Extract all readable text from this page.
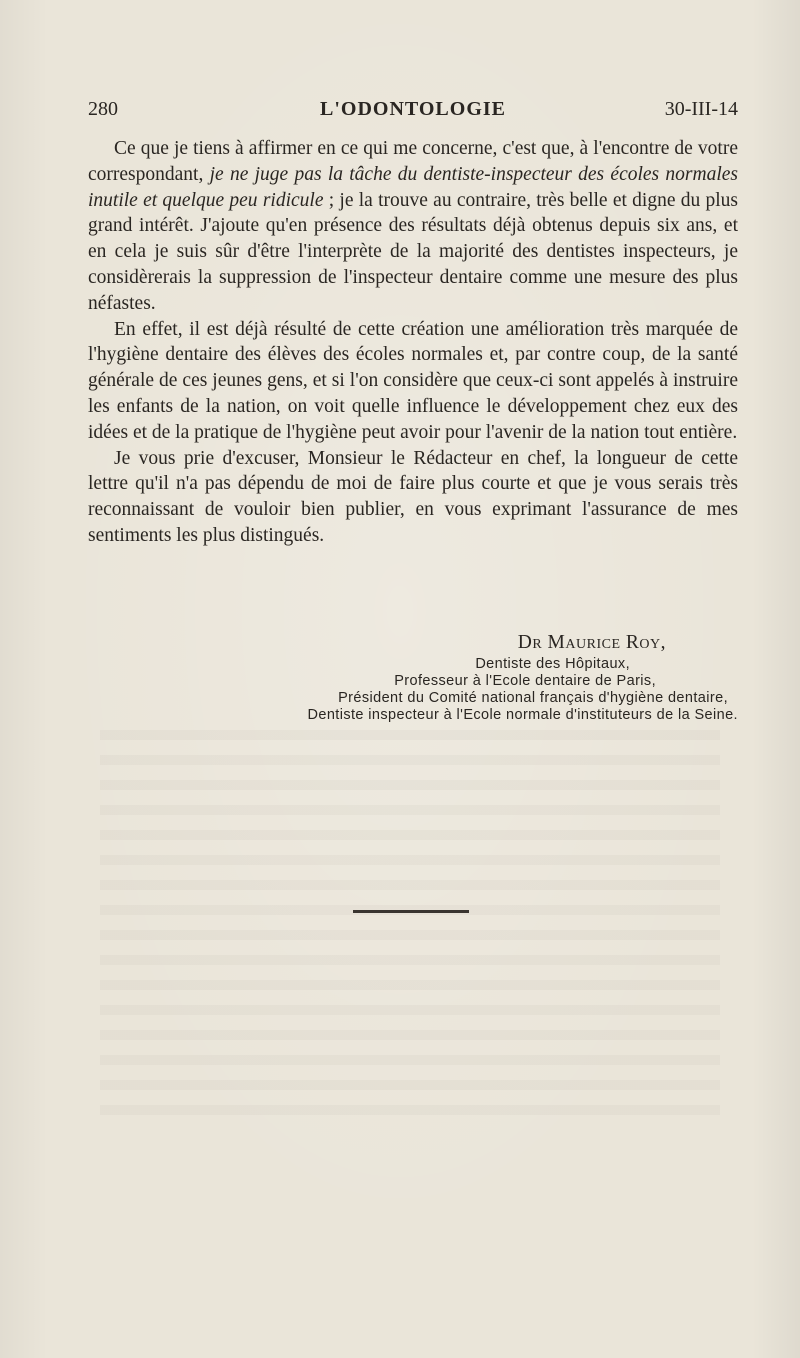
280	L'ODONTOLOGIE	30-III-14

Ce que je tiens à affirmer en ce qui me concerne, c'est que, à l'encontre de votre correspondant, je ne juge pas la tâche du dentiste-inspecteur des écoles normales inutile et quelque peu ridicule ; je la trouve au contraire, très belle et digne du plus grand intérêt. J'ajoute qu'en présence des résultats déjà obtenus depuis six ans, et en cela je suis sûr d'être l'interprète de la majorité des dentistes inspecteurs, je considèrerais la suppression de l'inspecteur dentaire comme une mesure des plus néfastes.

En effet, il est déjà résulté de cette création une amélioration très marquée de l'hygiène dentaire des élèves des écoles normales et, par contre coup, de la santé générale de ces jeunes gens, et si l'on considère que ceux-ci sont appelés à instruire les enfants de la nation, on voit quelle influence le développement chez eux des idées et de la pratique de l'hygiène peut avoir pour l'avenir de la nation tout entière.

Je vous prie d'excuser, Monsieur le Rédacteur en chef, la longueur de cette lettre qu'il n'a pas dépendu de moi de faire plus courte et que je vous serais très reconnaissant de vouloir bien publier, en vous exprimant l'assurance de mes sentiments les plus distingués.

Dr Maurice Roy,
Dentiste des Hôpitaux,
Professeur à l'Ecole dentaire de Paris,
Président du Comité national français d'hygiène dentaire,
Dentiste inspecteur à l'Ecole normale d'instituteurs de la Seine.
